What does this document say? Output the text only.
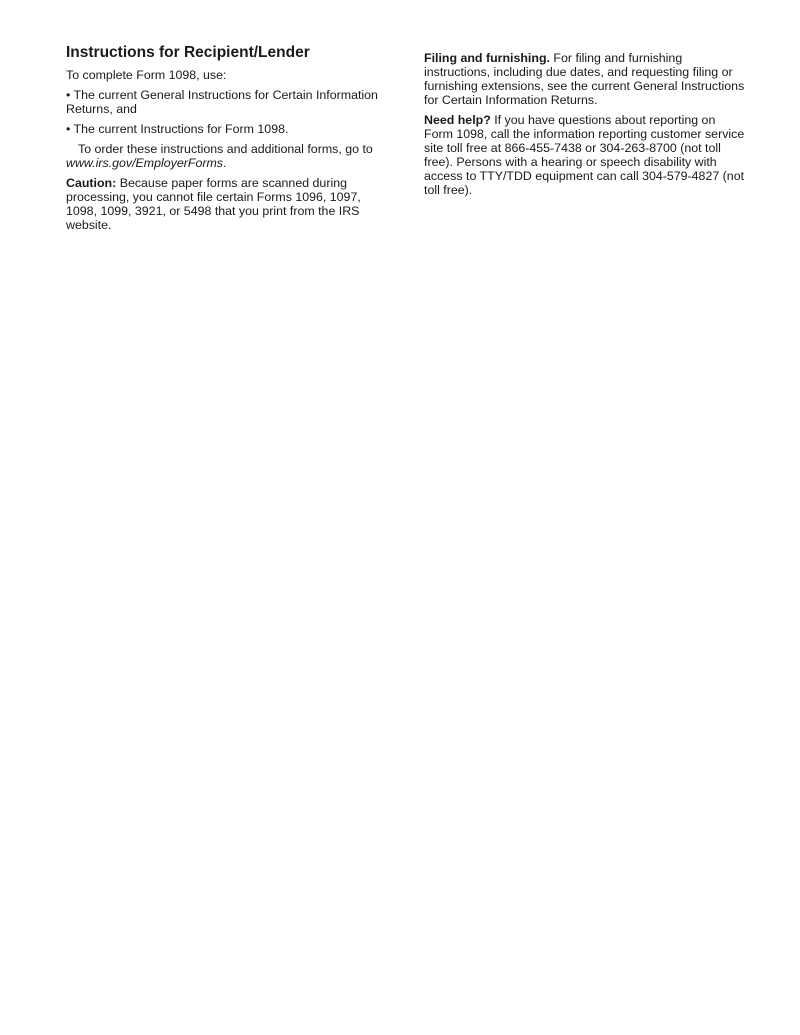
Instructions for Recipient/Lender

To complete Form 1098, use:

• The current General Instructions for Certain Information Returns, and

• The current Instructions for Form 1098.

To order these instructions and additional forms, go to www.irs.gov/EmployerForms.

Caution: Because paper forms are scanned during processing, you cannot file certain Forms 1096, 1097, 1098, 1099, 3921, or 5498 that you print from the IRS website.

Filing and furnishing. For filing and furnishing instructions, including due dates, and requesting filing or furnishing extensions, see the current General Instructions for Certain Information Returns.

Need help? If you have questions about reporting on Form 1098, call the information reporting customer service site toll free at 866-455-7438 or 304-263-8700 (not toll free). Persons with a hearing or speech disability with access to TTY/TDD equipment can call 304-579-4827 (not toll free).
